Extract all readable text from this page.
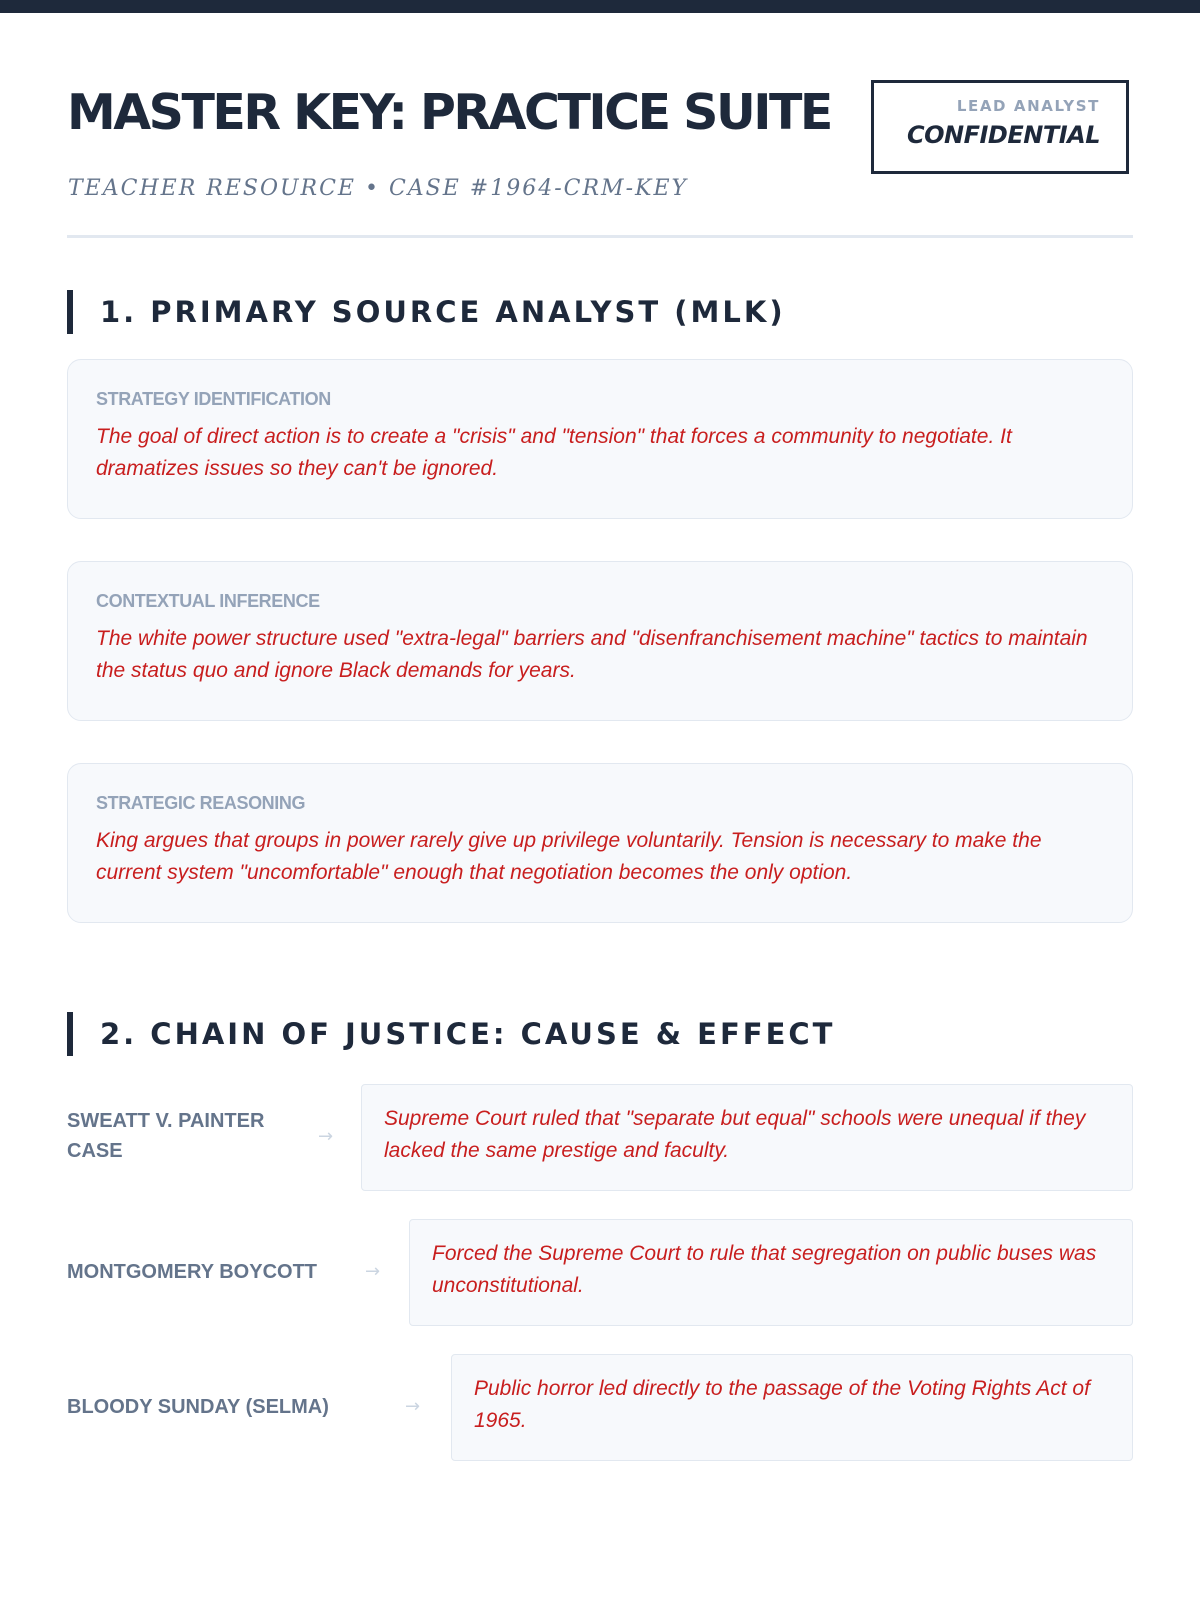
MASTER KEY: PRACTICE SUITE
TEACHER RESOURCE • CASE #1964-CRM-KEY
LEAD ANALYST
CONFIDENTIAL
1. PRIMARY SOURCE ANALYST (MLK)
STRATEGY IDENTIFICATION
The goal of direct action is to create a "crisis" and "tension" that forces a community to negotiate. It dramatizes issues so they can't be ignored.
CONTEXTUAL INFERENCE
The white power structure used "extra-legal" barriers and "disenfranchisement machine" tactics to maintain the status quo and ignore Black demands for years.
STRATEGIC REASONING
King argues that groups in power rarely give up privilege voluntarily. Tension is necessary to make the current system "uncomfortable" enough that negotiation becomes the only option.
2. CHAIN OF JUSTICE: CAUSE & EFFECT
SWEATT V. PAINTER CASE
→
Supreme Court ruled that "separate but equal" schools were unequal if they lacked the same prestige and faculty.
MONTGOMERY BOYCOTT	→
Forced the Supreme Court to rule that segregation on public buses was unconstitutional.
BLOODY SUNDAY (SELMA)	→
Public horror led directly to the passage of the Voting Rights Act of 1965.
